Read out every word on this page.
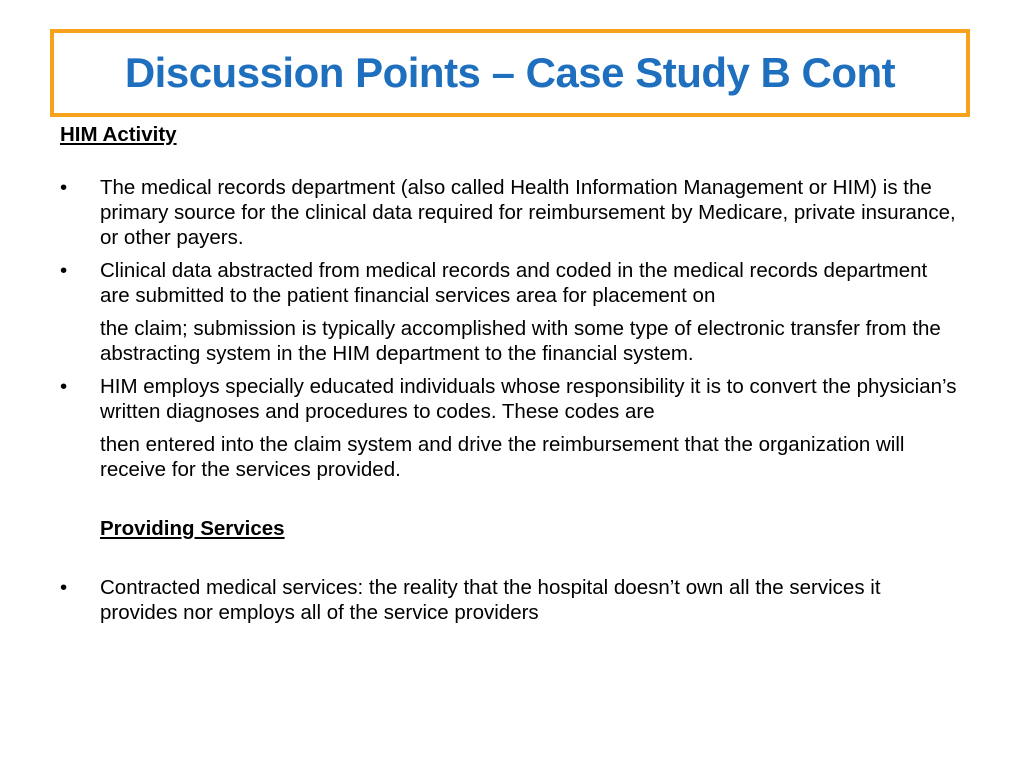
Discussion Points – Case Study B Cont

HIM Activity

• The medical records department (also called Health Information Management or HIM) is the primary source for the clinical data required for reimbursement by Medicare, private insurance, or other payers.

• Clinical data abstracted from medical records and coded in the medical records department are submitted to the patient financial services area for placement on

the claim; submission is typically accomplished with some type of electronic transfer from the abstracting system in the HIM department to the financial system.

• HIM employs specially educated individuals whose responsibility it is to convert the physician’s written diagnoses and procedures to codes. These codes are

then entered into the claim system and drive the reimbursement that the organization will receive for the services provided.

Providing Services

• Contracted medical services: the reality that the hospital doesn’t own all the services it provides nor employs all of the service providers
